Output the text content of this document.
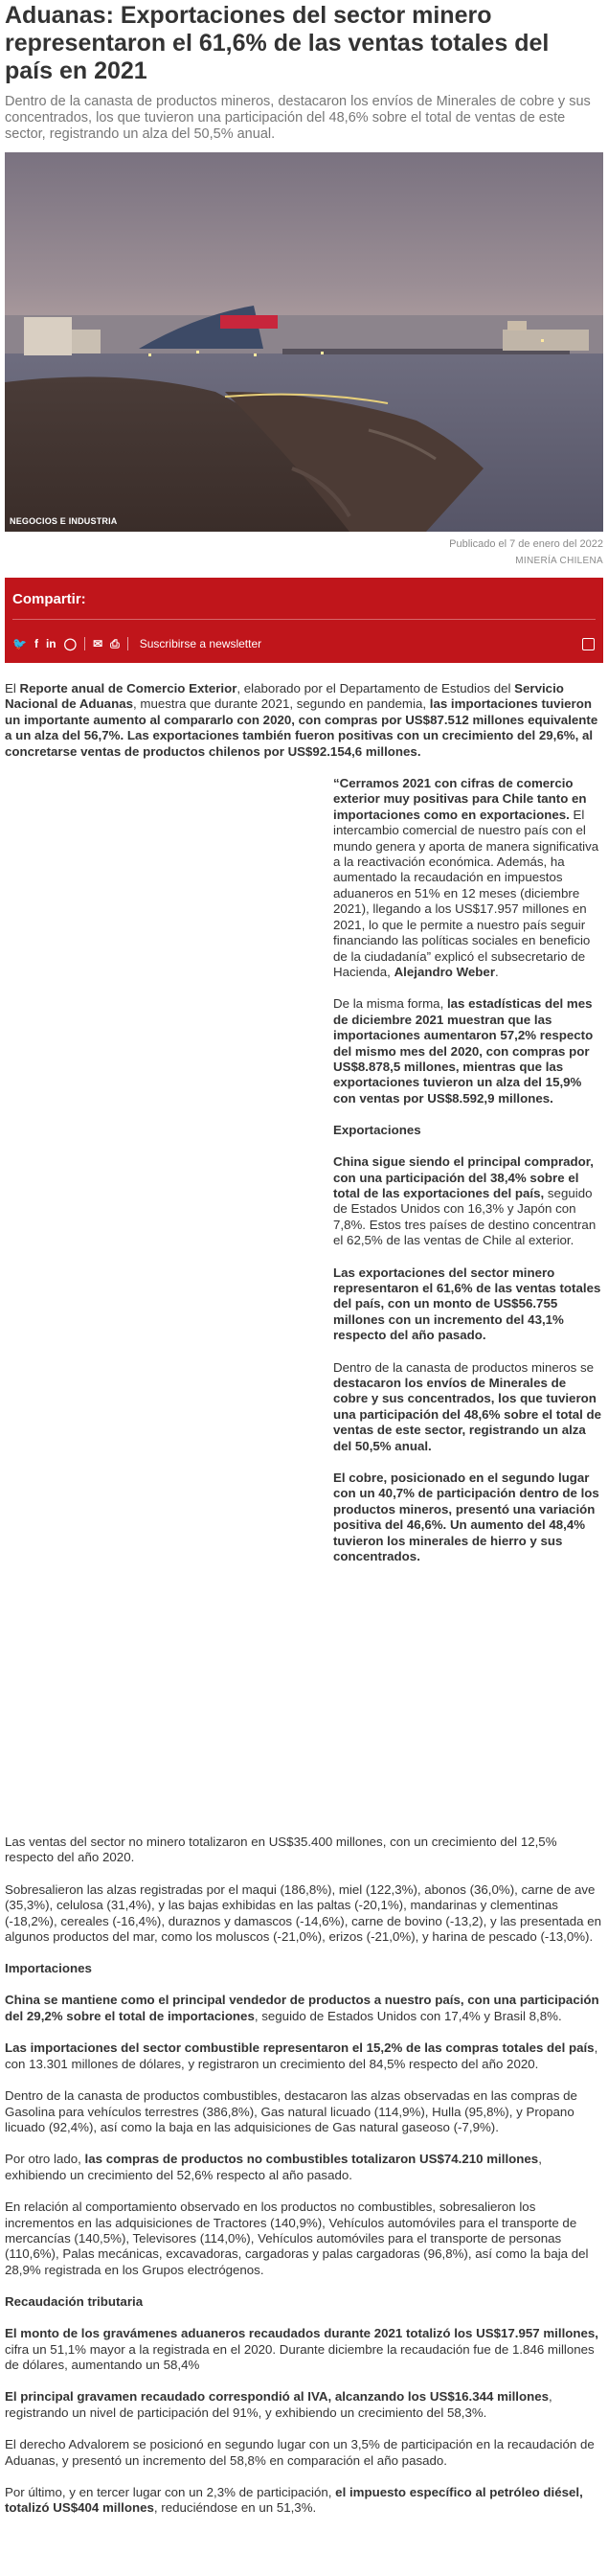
Aduanas: Exportaciones del sector minero representaron el 61,6% de las ventas totales del país en 2021

Dentro de la canasta de productos mineros, destacaron los envíos de Minerales de cobre y sus concentrados, los que tuvieron una participación del 48,6% sobre el total de ventas de este sector, registrando un alza del 50,5% anual.

NEGOCIOS E INDUSTRIA
Publicado el 7 de enero del 2022
MINERÍA CHILENA
Compartir:
🐦 f in ◯ ✉ ⎙ Suscribirse a newsletter

El Reporte anual de Comercio Exterior, elaborado por el Departamento de Estudios del Servicio Nacional de Aduanas, muestra que durante 2021, segundo en pandemia, las importaciones tuvieron un importante aumento al compararlo con 2020, con compras por US$87.512 millones equivalente a un alza del 56,7%. Las exportaciones también fueron positivas con un crecimiento del 29,6%, al concretarse ventas de productos chilenos por US$92.154,6 millones.

“Cerramos 2021 con cifras de comercio exterior muy positivas para Chile tanto en importaciones como en exportaciones. El intercambio comercial de nuestro país con el mundo genera y aporta de manera significativa a la reactivación económica. Además, ha aumentado la recaudación en impuestos aduaneros en 51% en 12 meses (diciembre 2021), llegando a los US$17.957 millones en 2021, lo que le permite a nuestro país seguir financiando las políticas sociales en beneficio de la ciudadanía” explicó el subsecretario de Hacienda, Alejandro Weber.

De la misma forma, las estadísticas del mes de diciembre 2021 muestran que las importaciones aumentaron 57,2% respecto del mismo mes del 2020, con compras por US$8.878,5 millones, mientras que las exportaciones tuvieron un alza del 15,9% con ventas por US$8.592,9 millones.

Exportaciones

China sigue siendo el principal comprador, con una participación del 38,4% sobre el total de las exportaciones del país, seguido de Estados Unidos con 16,3% y Japón con 7,8%. Estos tres países de destino concentran el 62,5% de las ventas de Chile al exterior.

Las exportaciones del sector minero representaron el 61,6% de las ventas totales del país, con un monto de US$56.755 millones con un incremento del 43,1% respecto del año pasado.

Dentro de la canasta de productos mineros se destacaron los envíos de Minerales de cobre y sus concentrados, los que tuvieron una participación del 48,6% sobre el total de ventas de este sector, registrando un alza del 50,5% anual.

El cobre, posicionado en el segundo lugar con un 40,7% de participación dentro de los productos mineros, presentó una variación positiva del 46,6%. Un aumento del 48,4% tuvieron los minerales de hierro y sus concentrados.

Las ventas del sector no minero totalizaron en US$35.400 millones, con un crecimiento del 12,5% respecto del año 2020.

Sobresalieron las alzas registradas por el maqui (186,8%), miel (122,3%), abonos (36,0%), carne de ave (35,3%), celulosa (31,4%), y las bajas exhibidas en las paltas (-20,1%), mandarinas y clementinas (-18,2%), cereales (-16,4%), duraznos y damascos (-14,6%), carne de bovino (-13,2), y las presentada en algunos productos del mar, como los moluscos (-21,0%), erizos (-21,0%), y harina de pescado (-13,0%).

Importaciones

China se mantiene como el principal vendedor de productos a nuestro país, con una participación del 29,2% sobre el total de importaciones, seguido de Estados Unidos con 17,4% y Brasil 8,8%.

Las importaciones del sector combustible representaron el 15,2% de las compras totales del país, con 13.301 millones de dólares, y registraron un crecimiento del 84,5% respecto del año 2020.

Dentro de la canasta de productos combustibles, destacaron las alzas observadas en las compras de Gasolina para vehículos terrestres (386,8%), Gas natural licuado (114,9%), Hulla (95,8%), y Propano licuado (92,4%), así como la baja en las adquisiciones de Gas natural gaseoso (-7,9%).

Por otro lado, las compras de productos no combustibles totalizaron US$74.210 millones, exhibiendo un crecimiento del 52,6% respecto al año pasado.

En relación al comportamiento observado en los productos no combustibles, sobresalieron los incrementos en las adquisiciones de Tractores (140,9%), Vehículos automóviles para el transporte de mercancías (140,5%), Televisores (114,0%), Vehículos automóviles para el transporte de personas (110,6%), Palas mecánicas, excavadoras, cargadoras y palas cargadoras (96,8%), así como la baja del 28,9% registrada en los Grupos electrógenos.

Recaudación tributaria

El monto de los gravámenes aduaneros recaudados durante 2021 totalizó los US$17.957 millones, cifra un 51,1% mayor a la registrada en el 2020. Durante diciembre la recaudación fue de 1.846 millones de dólares, aumentando un 58,4%

El principal gravamen recaudado correspondió al IVA, alcanzando los US$16.344 millones, registrando un nivel de participación del 91%, y exhibiendo un crecimiento del 58,3%.

El derecho Advalorem se posicionó en segundo lugar con un 3,5% de participación en la recaudación de Aduanas, y presentó un incremento del 58,8% en comparación el año pasado.

Por último, y en tercer lugar con un 2,3% de participación, el impuesto específico al petróleo diésel, totalizó US$404 millones, reduciéndose en un 51,3%.
